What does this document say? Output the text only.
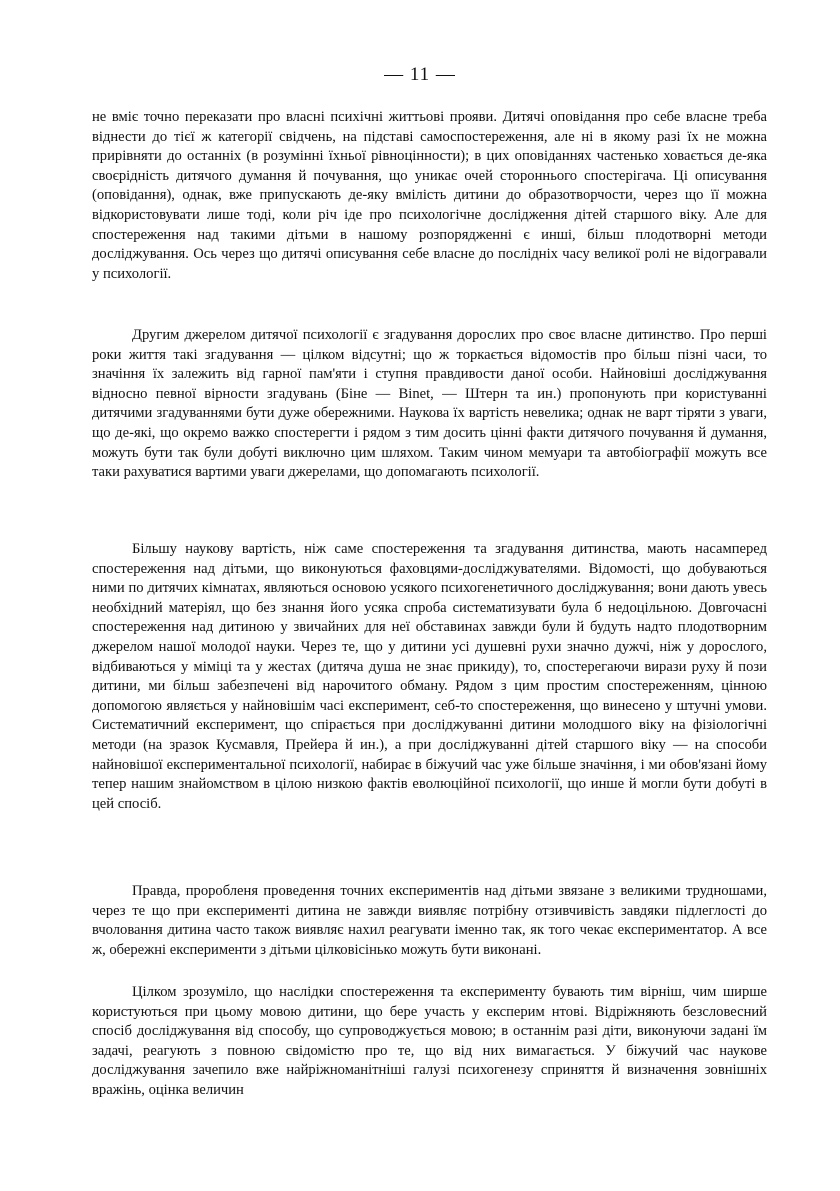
— 11 —

не вміє точно переказати про власні психічні життьові прояви. Дитячі оповідання про себе власне треба віднести до тієї ж категорії свідчень, на підставі самоспостереження, але ні в якому разі їх не можна прирівняти до останніх (в розумінні їхньої рівноцінности); в цих оповіданнях частенько ховається де-яка своєрідність дитячого думання й почування, що уникає очей стороннього спостерігача. Ці описування (оповідання), однак, вже припускають де-яку вмілість дитини до образотворчости, через що її можна відкористовувати лише тоді, коли річ іде про психологічне дослідження дітей старшого віку. Але для спостереження над такими дітьми в нашому розпорядженні є инші, більш плодотворні методи досліджування. Ось через що дитячі описування себе власне до послідніх часу великої ролі не відогравали у психології.

Другим джерелом дитячої психології є згадування дорослих про своє власне дитинство. Про перші роки життя такі згадування — цілком відсутні; що ж торкається відомостів про більш пізні часи, то значіння їх залежить від гарної пам'яти і ступня правдивости даної особи. Найновіші досліджування відносно певної вірности згадувань (Біне — Binet, — Штерн та ин.) пропонують при користуванні дитячими згадуваннями бути дуже обережними. Наукова їх вартість невелика; однак не варт тіряти з уваги, що де-які, що окремо важко спостерегти і рядом з тим досить цінні факти дитячого почування й думання, можуть бути так були добуті виключно цим шляхом. Таким чином мемуари та автобіографії можуть все таки рахуватися вартими уваги джерелами, що допомагають психології.

Більшу наукову вартість, ніж саме спостереження та згадування дитинства, мають насамперед спостереження над дітьми, що виконуються фаховцями-досліджувателями. Відомості, що добуваються ними по дитячих кімнатах, являються основою усякого психогенетичного досліджування; вони дають увесь необхідний матеріял, що без знання його усяка спроба систематизувати була б недоцільною. Довгочасні спостереження над дитиною у звичайних для неї обставинах завжди були й будуть надто плодотворним джерелом нашої молодої науки. Через те, що у дитини усі душевні рухи значно дужчі, ніж у дорослого, відбиваються у міміці та у жестах (дитяча душа не знає прикиду), то, спостерегаючи вирази руху й пози дитини, ми більш забезпечені від нарочитого обману. Рядом з цим простим спостереженням, цінною допомогою являється у найновішім часі експеримент, себ-то спостереження, що винесено у штучні умови. Систематичний експеримент, що спірається при досліджуванні дитини молодшого віку на фізіологічні методи (на зразок Кусмавля, Прейера й ин.), а при досліджуванні дітей старшого віку — на способи найновішої експериментальної психології, набирає в біжучий час уже більше значіння, і ми обов'язані йому тепер нашим знайомством в цілою низкою фактів еволюційної психології, що инше й могли бути добуті в цей спосіб.

Правда, проробленя проведення точних експериментів над дітьми звязане з великими трудношами, через те що при експерименті дитина не завжди виявляє потрібну отзивчивість завдяки підлеглості до вчоловання дитина часто також виявляє нахил реагувати іменно так, як того чекає експериментатор. А все ж, обережні експерименти з дітьми цілковісінько можуть бути виконані.

Цілком зрозуміло, що наслідки спостереження та експерименту бувають тим вірніш, чим ширше користуються при цьому мовою дитини, що бере участь у експерим нтові. Відріжняють безсловесний спосіб досліджування від способу, що супроводжується мовою; в останнім разі діти, виконуючи задані їм задачі, реагують з повною свідомістю про те, що від них вимагається. У біжучий час наукове досліджування зачепило вже найріжноманітніші галузі психогенезу сприняття й визначення зовнішніх вражінь, оцінка величин
